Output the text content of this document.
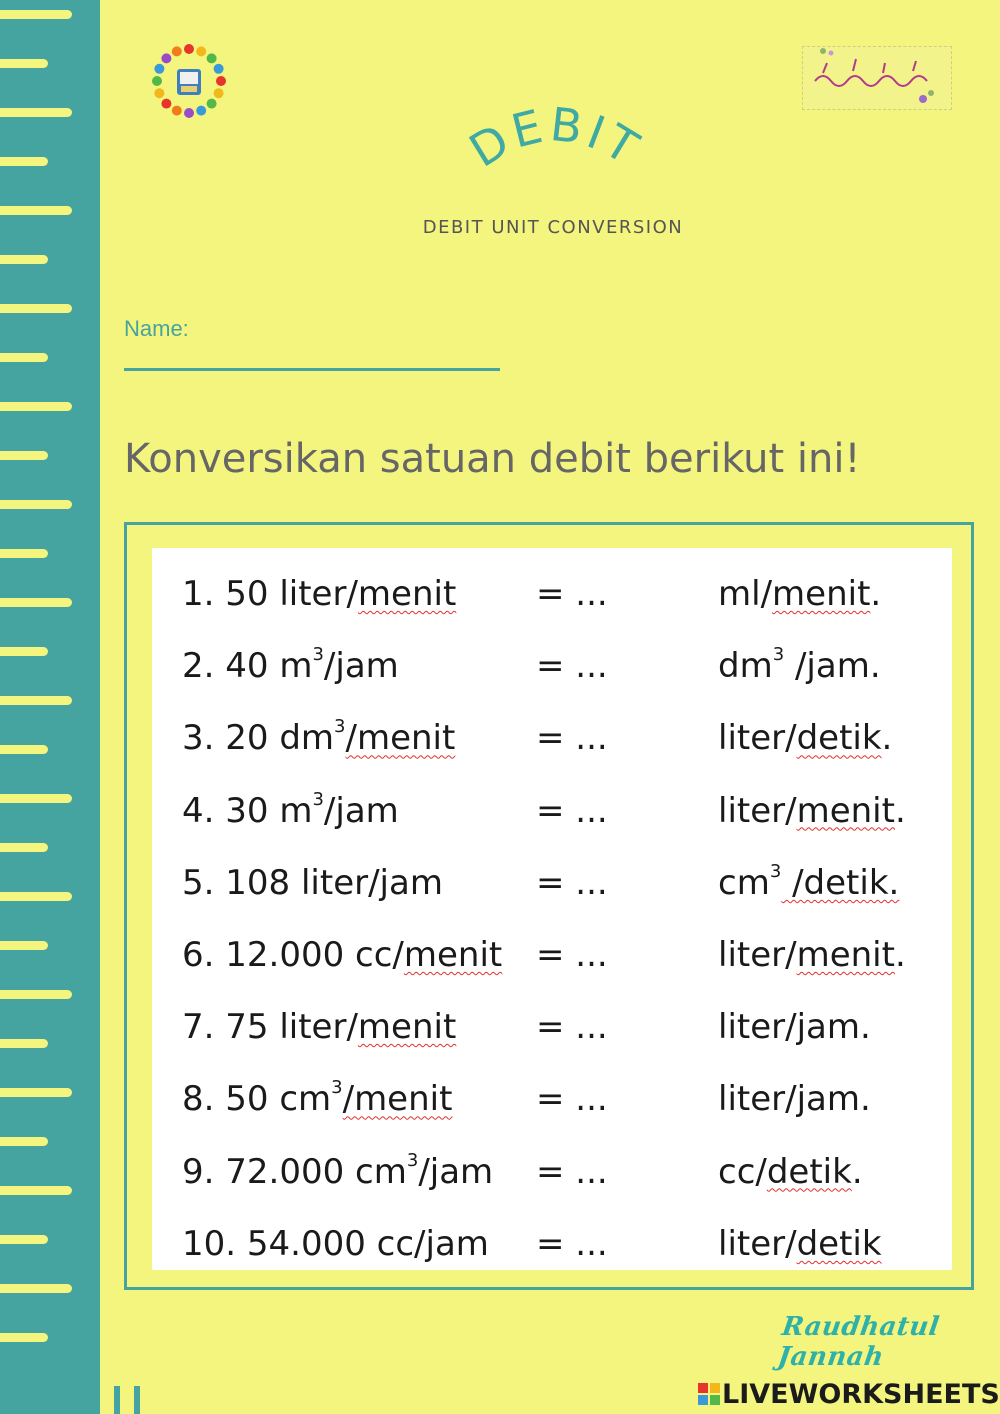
DEBIT
DEBIT UNIT CONVERSION
Name:
Konversikan satuan debit berikut ini!
1. 50 liter/menit = ...	ml/menit.
2. 40 $m^3$/jam	= ...	$dm^3$ /jam.
3. 20 $dm^3$/menit = ...	liter/detik.
4. 30 $m^3$/jam	= ...	liter/menit.
5. 108 liter/jam	= ...	$cm^3$ /detik.
6. 12.000 cc/menit = ...	liter/menit.
7. 75 liter/menit = ...	liter/jam.
8. 50 $cm^3$/menit = ...	liter/jam.
9. 72.000 $cm^3$/jam = ...	cc/detik.
10. 54.000 cc/jam = ...	liter/detik
Raudhatul Jannah
LIVEWORKSHEETS
